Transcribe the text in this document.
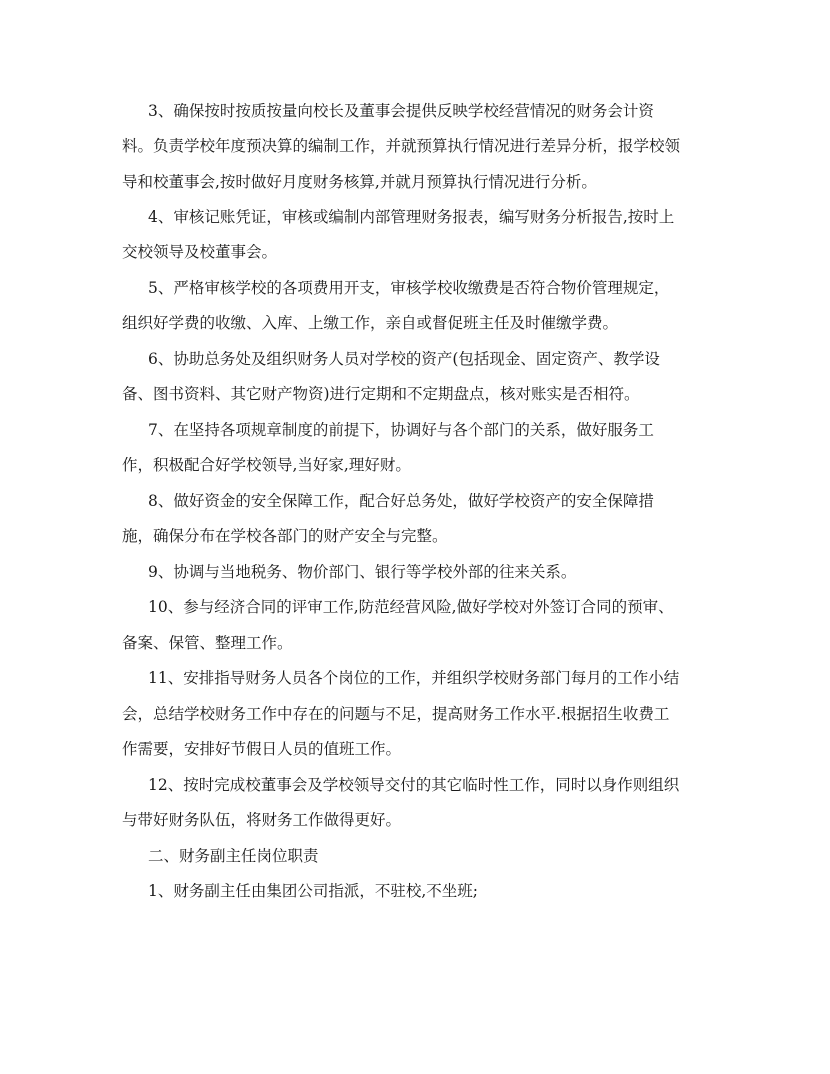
3、确保按时按质按量向校长及董事会提供反映学校经营情况的财务会计资
料。负责学校年度预决算的编制工作，并就预算执行情况进行差异分析，报学校领
导和校董事会,按时做好月度财务核算,并就月预算执行情况进行分析。
4、审核记账凭证，审核或编制内部管理财务报表，编写财务分析报告,按时上
交校领导及校董事会。
5、严格审核学校的各项费用开支，审核学校收缴费是否符合物价管理规定，
组织好学费的收缴、入库、上缴工作，亲自或督促班主任及时催缴学费。
6、协助总务处及组织财务人员对学校的资产(包括现金、固定资产、教学设
备、图书资料、其它财产物资)进行定期和不定期盘点，核对账实是否相符。
7、在坚持各项规章制度的前提下，协调好与各个部门的关系，做好服务工
作，积极配合好学校领导,当好家,理好财。
8、做好资金的安全保障工作，配合好总务处，做好学校资产的安全保障措
施，确保分布在学校各部门的财产安全与完整。
9、协调与当地税务、物价部门、银行等学校外部的往来关系。
10、参与经济合同的评审工作,防范经营风险,做好学校对外签订合同的预审、
备案、保管、整理工作。
11、安排指导财务人员各个岗位的工作，并组织学校财务部门每月的工作小结
会，总结学校财务工作中存在的问题与不足，提高财务工作水平.根据招生收费工
作需要，安排好节假日人员的值班工作。
12、按时完成校董事会及学校领导交付的其它临时性工作，同时以身作则组织
与带好财务队伍，将财务工作做得更好。
二、财务副主任岗位职责
1、财务副主任由集团公司指派，不驻校,不坐班;
